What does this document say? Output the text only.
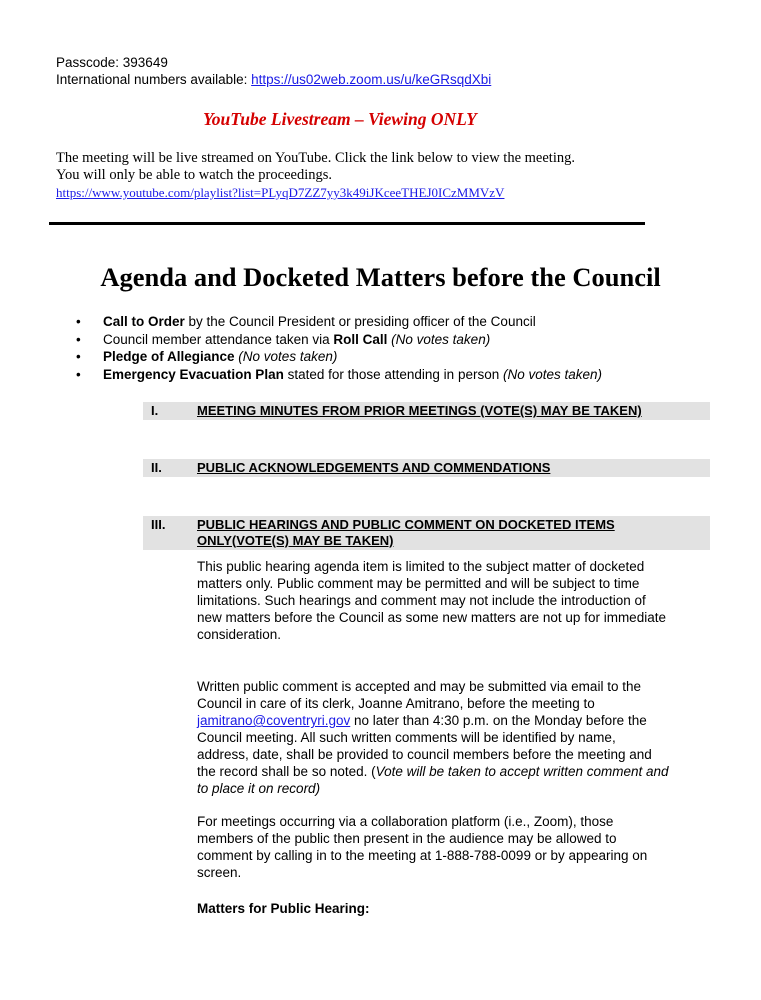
Passcode: 393649
International numbers available: https://us02web.zoom.us/u/keGRsqdXbi
YouTube Livestream – Viewing ONLY
The meeting will be live streamed on YouTube. Click the link below to view the meeting.
You will only be able to watch the proceedings.
https://www.youtube.com/playlist?list=PLyqD7ZZ7yy3k49iJKceeTHEJ0ICzMMVzV
Agenda and Docketed Matters before the Council
• Call to Order by the Council President or presiding officer of the Council
• Council member attendance taken via Roll Call (No votes taken)
• Pledge of Allegiance (No votes taken)
• Emergency Evacuation Plan stated for those attending in person (No votes taken)
I.	MEETING MINUTES FROM PRIOR MEETINGS (VOTE(S) MAY BE TAKEN)
II.	PUBLIC ACKNOWLEDGEMENTS AND COMMENDATIONS
III. PUBLIC HEARINGS AND PUBLIC COMMENT ON DOCKETED ITEMS
ONLY(VOTE(S) MAY BE TAKEN)
This public hearing agenda item is limited to the subject matter of docketed
matters only. Public comment may be permitted and will be subject to time
limitations. Such hearings and comment may not include the introduction of
new matters before the Council as some new matters are not up for immediate
consideration.
Written public comment is accepted and may be submitted via email to the
Council in care of its clerk, Joanne Amitrano, before the meeting to
jamitrano@coventryri.gov no later than 4:30 p.m. on the Monday before the
Council meeting. All such written comments will be identified by name,
address, date, shall be provided to council members before the meeting and
the record shall be so noted. (Vote will be taken to accept written comment and
to place it on record)
For meetings occurring via a collaboration platform (i.e., Zoom), those
members of the public then present in the audience may be allowed to
comment by calling in to the meeting at 1-888-788-0099 or by appearing on
screen.
Matters for Public Hearing:
